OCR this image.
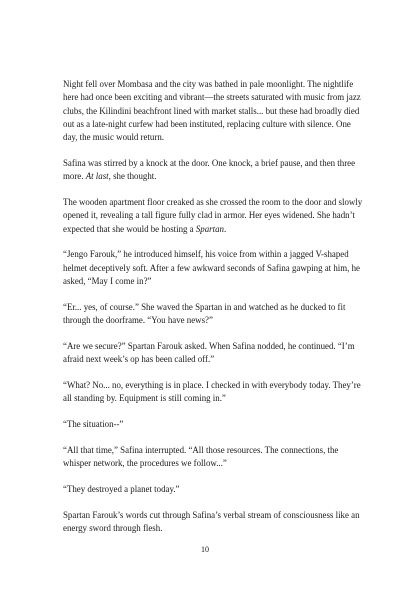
Night fell over Mombasa and the city was bathed in pale moonlight. The nightlife here had once been exciting and vibrant—the streets saturated with music from jazz clubs, the Kilindini beachfront lined with market stalls... but these had broadly died out as a late-night curfew had been instituted, replacing culture with silence. One day, the music would return.

Safina was stirred by a knock at the door. One knock, a brief pause, and then three more. At last, she thought.

The wooden apartment floor creaked as she crossed the room to the door and slowly opened it, revealing a tall figure fully clad in armor. Her eyes widened. She hadn’t expected that she would be hosting a Spartan.

“Jengo Farouk,” he introduced himself, his voice from within a jagged V-shaped helmet deceptively soft. After a few awkward seconds of Safina gawping at him, he asked, “May I come in?”

“Er... yes, of course.” She waved the Spartan in and watched as he ducked to fit through the doorframe. “You have news?”

“Are we secure?” Spartan Farouk asked. When Safina nodded, he continued. “I’m afraid next week’s op has been called off.”

“What? No... no, everything is in place. I checked in with everybody today. They’re all standing by. Equipment is still coming in.”

“The situation--”

“All that time,” Safina interrupted. “All those resources. The connections, the whisper network, the procedures we follow...”

“They destroyed a planet today.”

Spartan Farouk’s words cut through Safina’s verbal stream of consciousness like an energy sword through flesh.

10
